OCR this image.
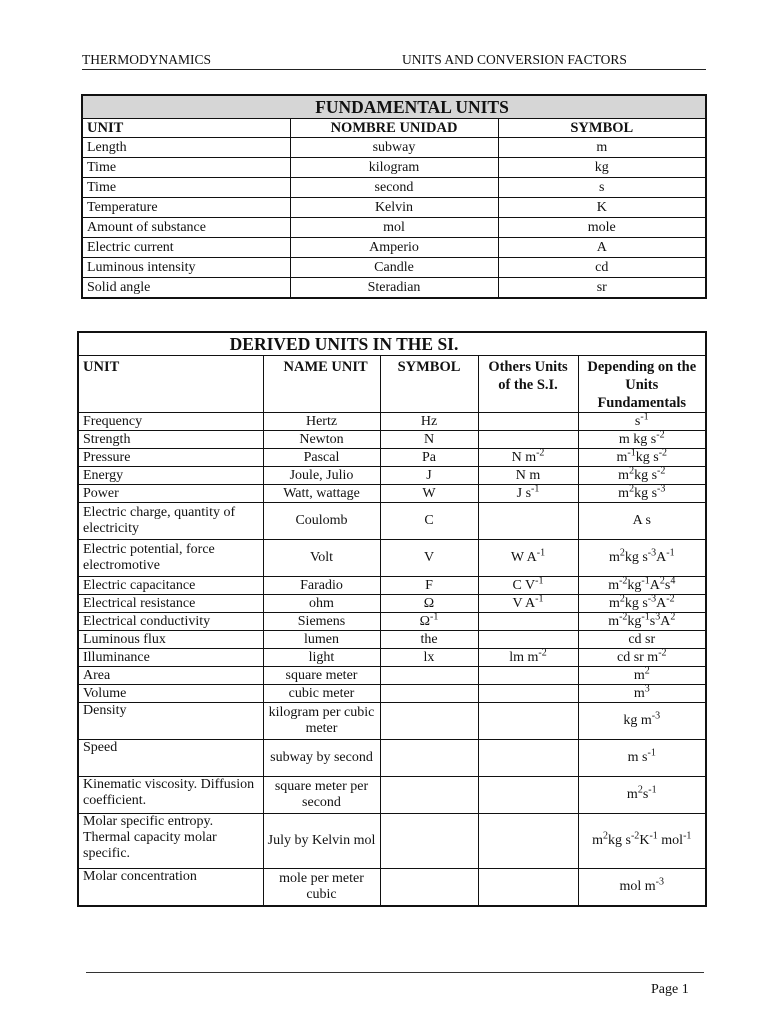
THERMODYNAMICS	UNITS AND CONVERSION FACTORS
FUNDAMENTAL UNITS		
UNIT	NOMBRE UNIDAD	SYMBOL
Length	subway	m
Time	kilogram	kg
Time	second	s
Temperature	Kelvin	K
Amount of substance	mol	mole
Electric current	Amperio	A
Luminous intensity	Candle	cd
Solid angle	Steradian	sr
DERIVED UNITS IN THE SI.				
UNIT	NAME UNIT	SYMBOL	Others Units of the S.I.	Depending on the Units Fundamentals
Frequency	Hertz	Hz		$s^{-1}$
Strength	Newton	N		m kg $s^{-2}$
Pressure	Pascal	Pa	N $m^{-2}$	$m^{-1}kg$ $s^{-2}$
Energy	Joule, Julio	J	N m	$m^2kg$ $s^{-2}$
Power	Watt, wattage	W	J $s^{-1}$	$m^2kg$ $s^{-3}$
Electric charge, quantity of electricity	Coulomb	C		A s
Electric potential, force electromotive	Volt	V	W $A^{-1}$	$m^2kg$ $s^{-3}A^{-1}$
Electric capacitance	Faradio	F	C $V^{-1}$	$m^{-2}kg^{-1}A^2s^4$
Electrical resistance	ohm	Ω	V $A^{-1}$	$m^2kg$ $s^{-3}A^{-2}$
Electrical conductivity	Siemens	$\Omega^{-1}$		$m^{-2}kg^{-1}s^3A^2$
Luminous flux	lumen	the		cd sr
Illuminance	light	lx	lm $m^{-2}$	cd sr $m^{-2}$
Area	square meter			$m^2$
Volume	cubic meter			$m^3$
Density	kilogram per cubic meter			kg $m^{-3}$
Speed	subway by second			m $s^{-1}$
Kinematic viscosity. Diffusion coefficient.	square meter per second			$m^2s^{-1}$
Molar specific entropy. Thermal capacity molar specific.	July by Kelvin mol			$m^2kg$ $s^{-2}K^{-1}$ mol$^{-1}$
Molar concentration	mole per meter cubic			mol $m^{-3}$
Page 1
